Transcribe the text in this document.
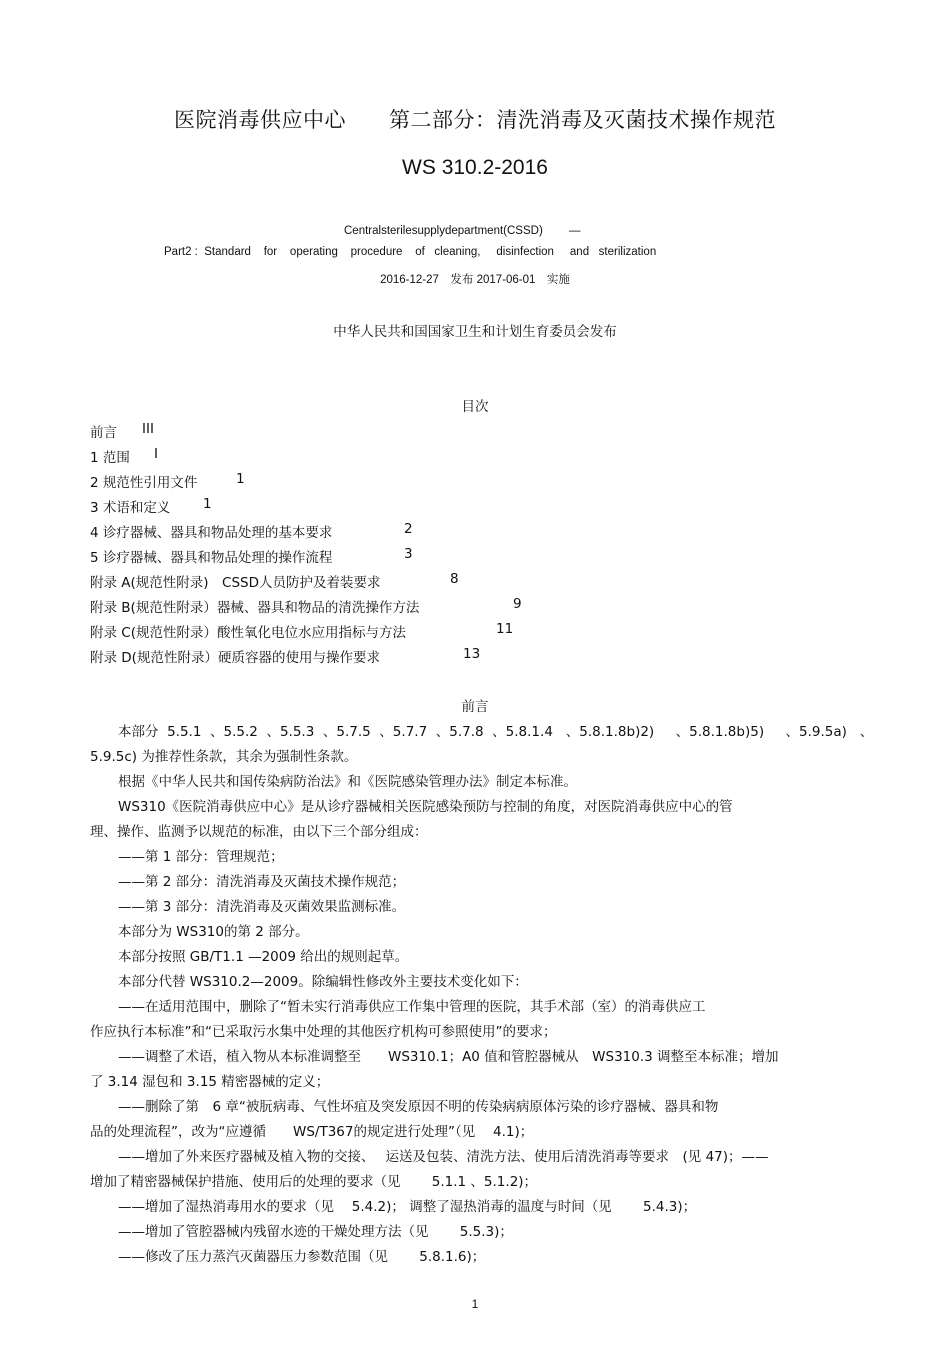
医院消毒供应中心　　第二部分：清洗消毒及灭菌技术操作规范
WS 310.2-2016
Centralsterilesupplydepartment(CSSD)　　 —
Part2 :  Standard    for    operating    procedure    of   cleaning,     disinfection     and   sterilization
2016-12-27　发布 2017-06-01　实施
中华人民共和国国家卫生和计划生育委员会发布
目次
前言 III
1 范围 I
2 规范性引用文件	1
3 术语和定义 1
4 诊疗器械、器具和物品处理的基本要求	2
5 诊疗器械、器具和物品处理的操作流程	3
附录 A(规范性附录)　CSSD人员防护及着装要求	8
附录 B(规范性附录）器械、器具和物品的清洗操作方法	9
附录 C(规范性附录）酸性氧化电位水应用指标与方法	11
附录 D(规范性附录）硬质容器的使用与操作要求	13
前言
本部分  5.5.1  、5.5.2  、5.5.3  、5.7.5  、5.7.7  、5.7.8  、5.8.1.4   、5.8.1.8b)2)     、5.8.1.8b)5)     、5.9.5a)   、
5.9.5c) 为推荐性条款，其余为强制性条款。
根据《中华人民共和国传染病防治法》和《医院感染管理办法》制定本标准。
WS310《医院消毒供应中心》是从诊疗器械相关医院感染预防与控制的角度，对医院消毒供应中心的管
理、操作、监测予以规范的标准，由以下三个部分组成：
——第 1 部分：管理规范；
——第 2 部分：清洗消毒及灭菌技术操作规范；
——第 3 部分：清洗消毒及灭菌效果监测标准。
本部分为 WS310的第 2 部分。
本部分按照 GB/T1.1 —2009 给出的规则起草。
本部分代替 WS310.2—2009。除编辑性修改外主要技术变化如下：
——在适用范围中，删除了“暂未实行消毒供应工作集中管理的医院，其手术部（室）的消毒供应工
作应执行本标准”和“已采取污水集中处理的其他医疗机构可参照使用”的要求；
——调整了术语，植入物从本标准调整至　　WS310.1；A0 值和管腔器械从　WS310.3 调整至本标准；增加
了 3.14 湿包和 3.15 精密器械的定义；
——删除了第　6 章“被朊病毒、气性坏疽及突发原因不明的传染病病原体污染的诊疗器械、器具和物
品的处理流程”，改为“应遵循　　WS/T367的规定进行处理”（见　 4.1)；
——增加了外来医疗器械及植入物的交接、　 运送及包装、清洗方法、使用后清洗消毒等要求　(见 47)；——
增加了精密器械保护措施、使用后的处理的要求（见　　 5.1.1 、5.1.2)；
——增加了湿热消毒用水的要求（见　 5.4.2)； 调整了湿热消毒的温度与时间（见　　 5.4.3)；
——增加了管腔器械内残留水迹的干燥处理方法（见　　 5.5.3)；
——修改了压力蒸汽灭菌器压力参数范围（见　　 5.8.1.6)；
1
